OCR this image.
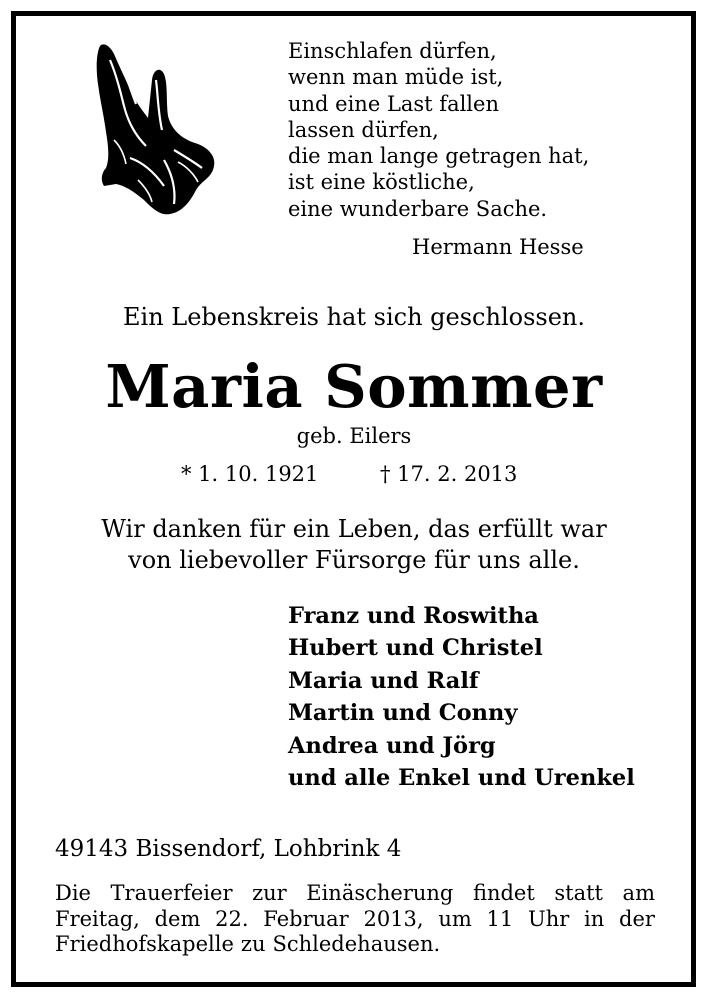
Einschlafen dürfen,
wenn man müde ist,
und eine Last fallen
lassen dürfen,
die man lange getragen hat,
ist eine köstliche,
eine wunderbare Sache.
Hermann Hesse
Ein Lebenskreis hat sich geschlossen.
Maria Sommer
geb. Eilers
* 1. 10. 1921	† 17. 2. 2013
Wir danken für ein Leben, das erfüllt war
von liebevoller Fürsorge für uns alle.
Franz und Roswitha
Hubert und Christel
Maria und Ralf
Martin und Conny
Andrea und Jörg
und alle Enkel und Urenkel
49143 Bissendorf, Lohbrink 4
Die Trauerfeier zur Einäscherung findet statt am
Freitag, dem 22. Februar 2013, um 11 Uhr in der
Friedhofskapelle zu Schledehausen.
